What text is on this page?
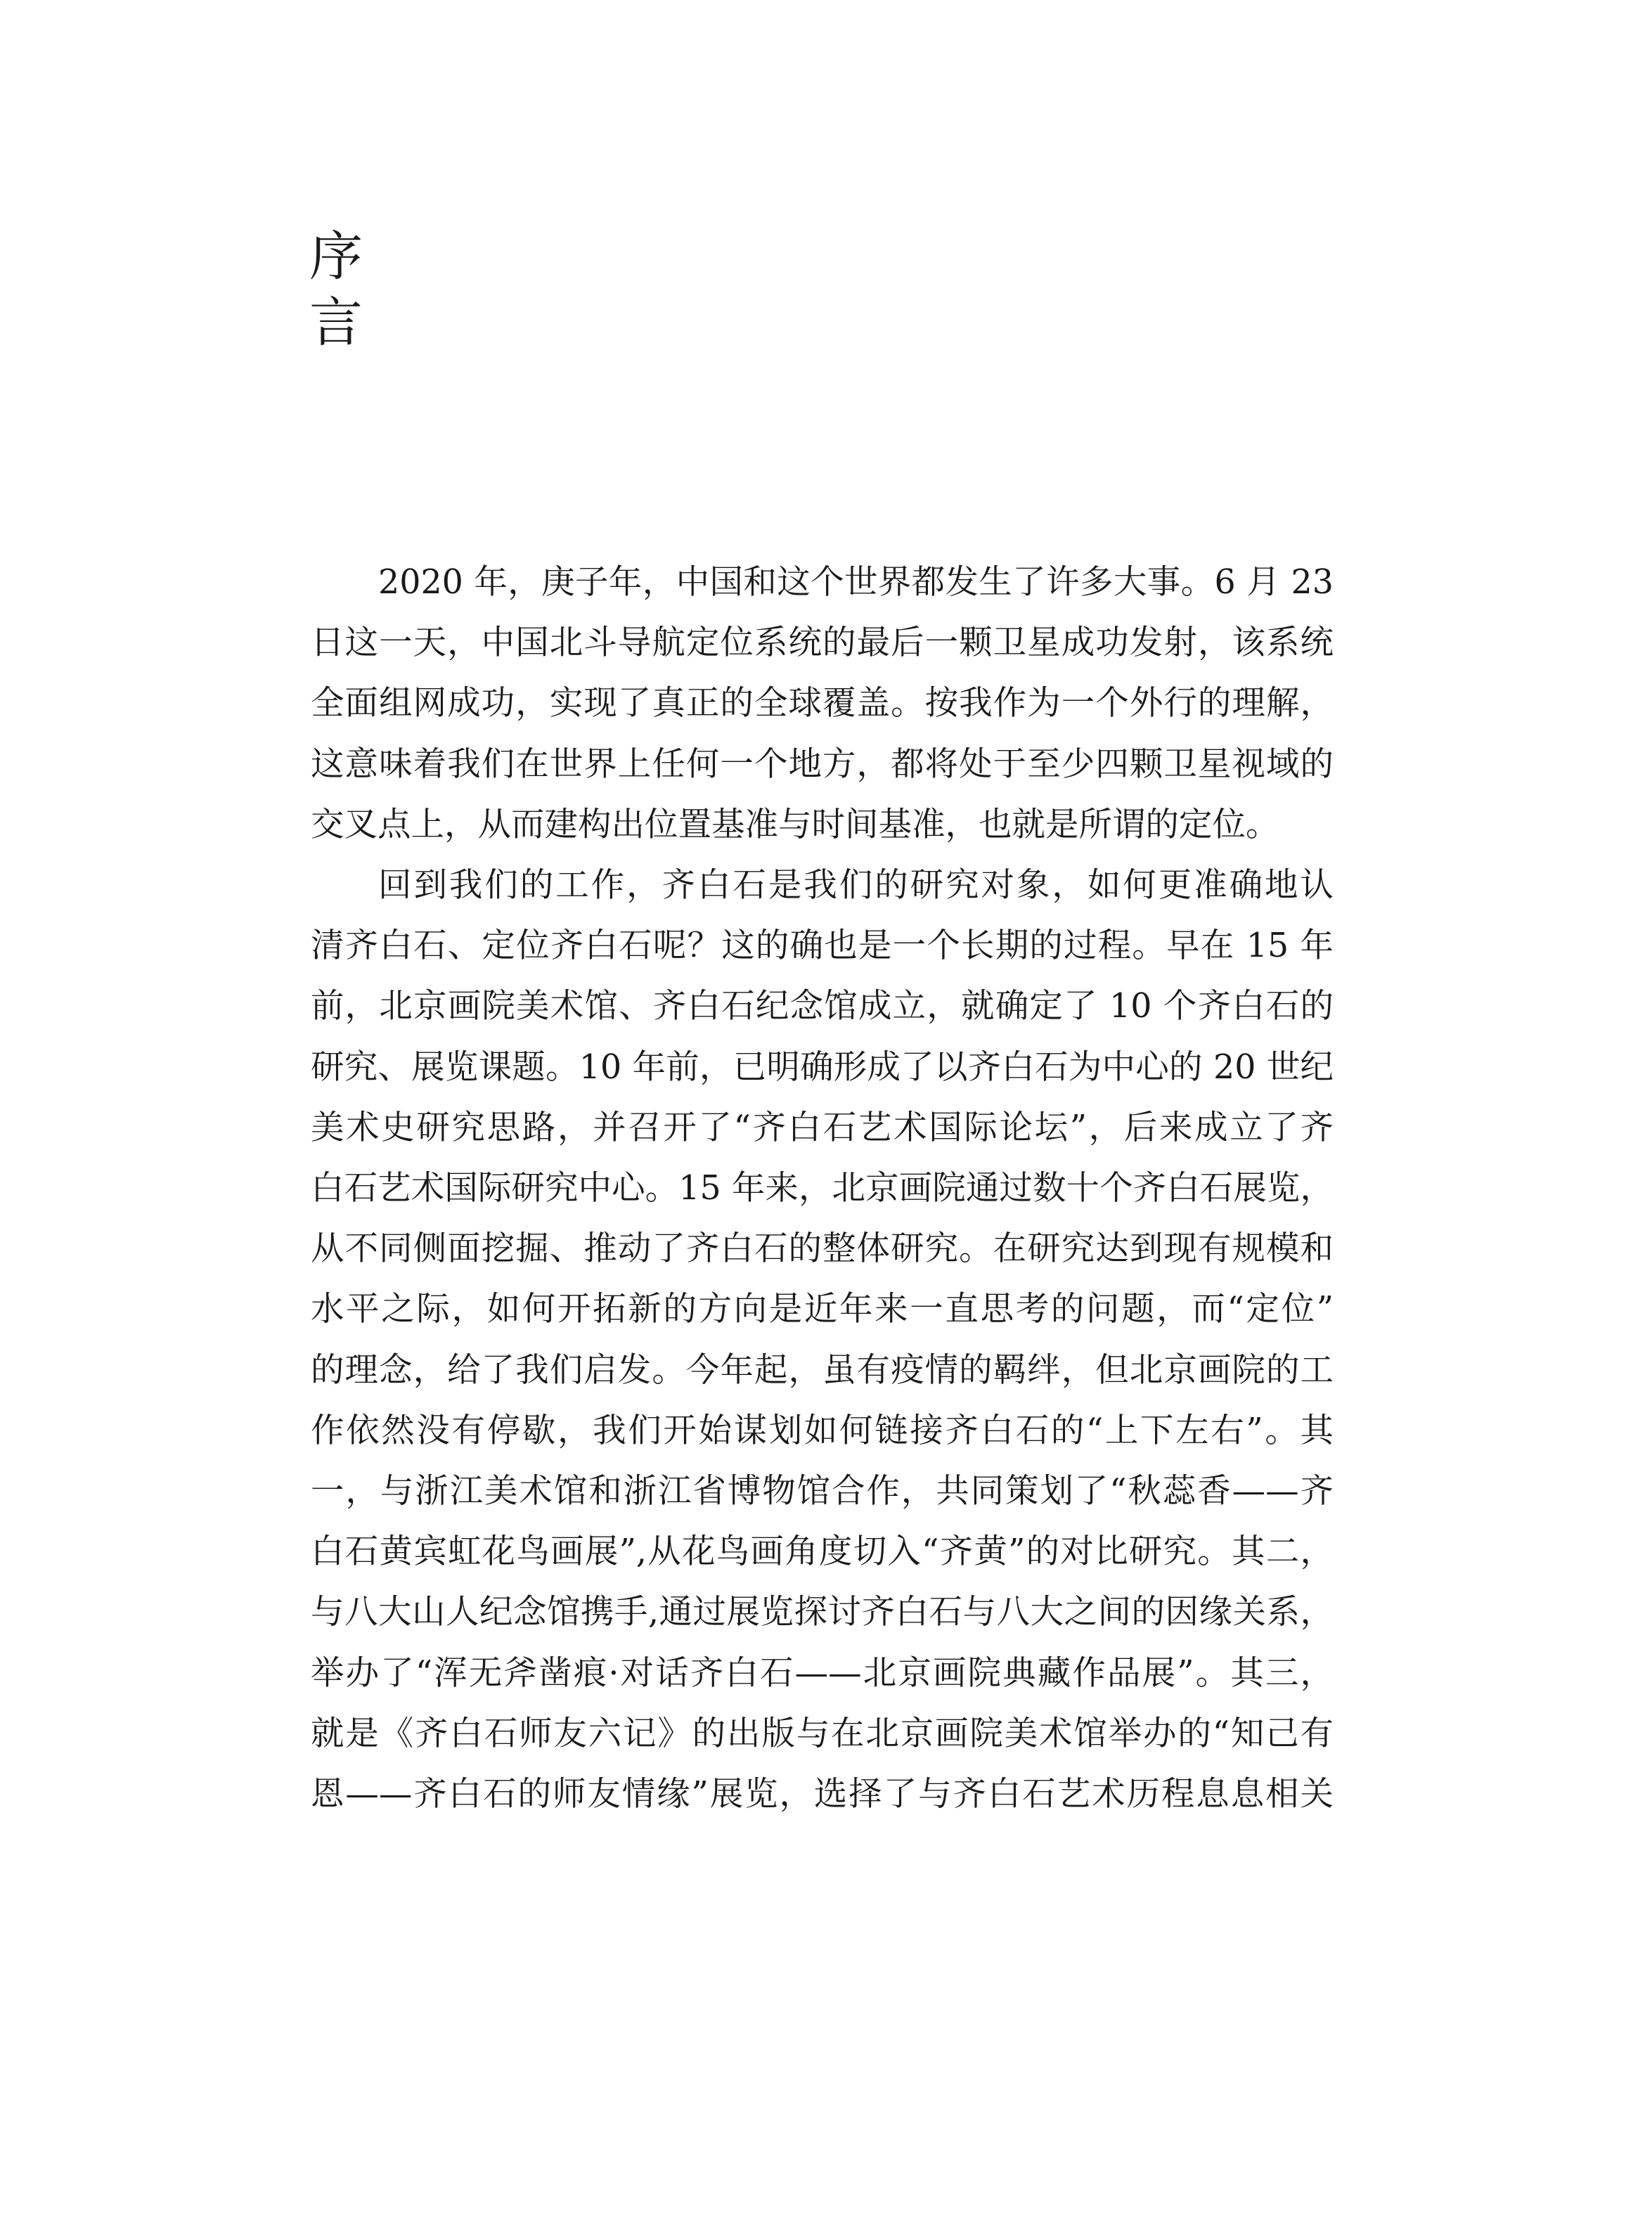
序
言

2020 年，庚子年，中国和这个世界都发生了许多大事。6 月 23

日这一天，中国北斗导航定位系统的最后一颗卫星成功发射，该系统

全面组网成功，实现了真正的全球覆盖。按我作为一个外行的理解，

这意味着我们在世界上任何一个地方，都将处于至少四颗卫星视域的

交叉点上，从而建构出位置基准与时间基准，也就是所谓的定位。

回到我们的工作，齐白石是我们的研究对象，如何更准确地认

清齐白石、定位齐白石呢？这的确也是一个长期的过程。早在 15 年

前，北京画院美术馆、齐白石纪念馆成立，就确定了 10 个齐白石的

研究、展览课题。10 年前，已明确形成了以齐白石为中心的 20 世纪

美术史研究思路，并召开了“齐白石艺术国际论坛”，后来成立了齐

白石艺术国际研究中心。15 年来，北京画院通过数十个齐白石展览，

从不同侧面挖掘、推动了齐白石的整体研究。在研究达到现有规模和

水平之际，如何开拓新的方向是近年来一直思考的问题，而“定位”

的理念，给了我们启发。今年起，虽有疫情的羁绊，但北京画院的工

作依然没有停歇，我们开始谋划如何链接齐白石的“上下左右”。其

一，与浙江美术馆和浙江省博物馆合作，共同策划了“秋蕊香——齐

白石黄宾虹花鸟画展”,从花鸟画角度切入“齐黄”的对比研究。其二，

与八大山人纪念馆携手,通过展览探讨齐白石与八大之间的因缘关系，

举办了“浑无斧凿痕·对话齐白石——北京画院典藏作品展”。其三，

就是《齐白石师友六记》的出版与在北京画院美术馆举办的“知己有

恩——齐白石的师友情缘”展览，选择了与齐白石艺术历程息息相关
